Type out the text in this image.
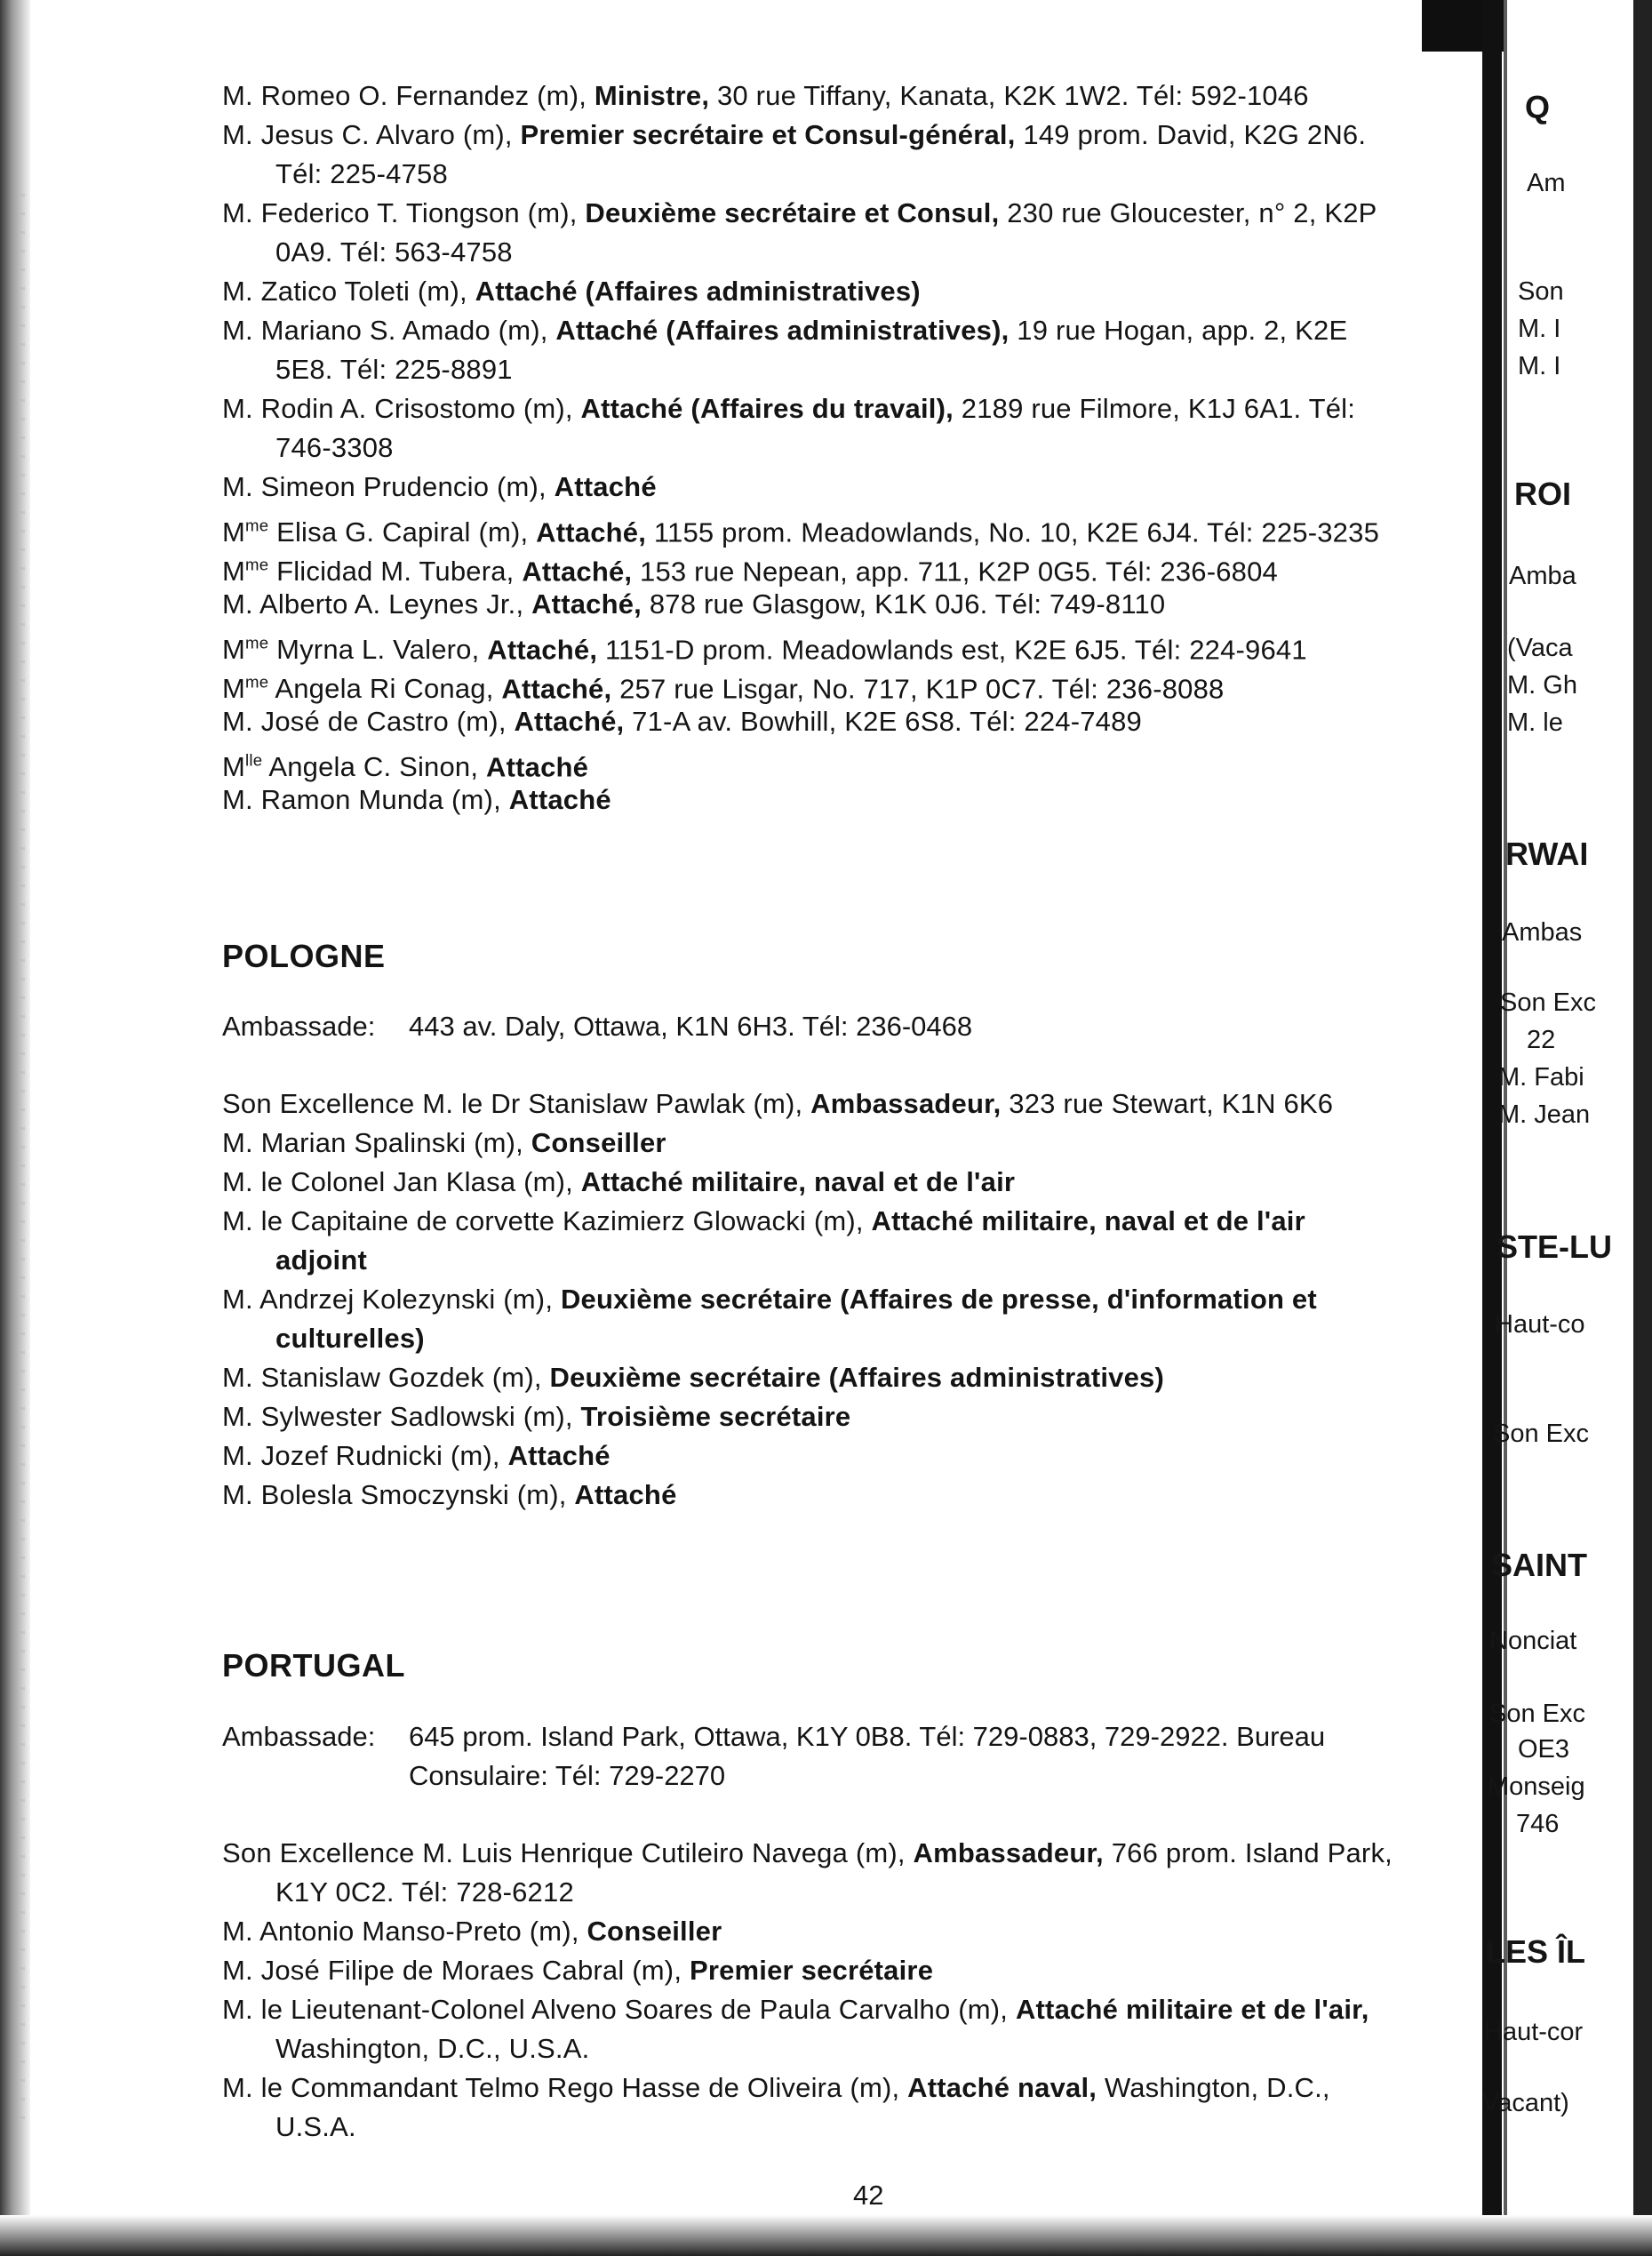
M. Romeo O. Fernandez (m), Ministre, 30 rue Tiffany, Kanata, K2K 1W2. Tél: 592-1046
M. Jesus C. Alvaro (m), Premier secrétaire et Consul-général, 149 prom. David, K2G 2N6.
Tél: 225-4758
M. Federico T. Tiongson (m), Deuxième secrétaire et Consul, 230 rue Gloucester, n° 2, K2P
0A9. Tél: 563-4758
M. Zatico Toleti (m), Attaché (Affaires administratives)
M. Mariano S. Amado (m), Attaché (Affaires administratives), 19 rue Hogan, app. 2, K2E
5E8. Tél: 225-8891
M. Rodin A. Crisostomo (m), Attaché (Affaires du travail), 2189 rue Filmore, K1J 6A1. Tél:
746-3308
M. Simeon Prudencio (m), Attaché
$M^{me}$ Elisa G. Capiral (m), Attaché, 1155 prom. Meadowlands, No. 10, K2E 6J4. Tél: 225-3235
$M^{me}$ Flicidad M. Tubera, Attaché, 153 rue Nepean, app. 711, K2P 0G5. Tél: 236-6804
M. Alberto A. Leynes Jr., Attaché, 878 rue Glasgow, K1K 0J6. Tél: 749-8110
$M^{me}$ Myrna L. Valero, Attaché, 1151-D prom. Meadowlands est, K2E 6J5. Tél: 224-9641
$M^{me}$ Angela Ri Conag, Attaché, 257 rue Lisgar, No. 717, K1P 0C7. Tél: 236-8088
M. José de Castro (m), Attaché, 71-A av. Bowhill, K2E 6S8. Tél: 224-7489
$M^{lle}$ Angela C. Sinon, Attaché
M. Ramon Munda (m), Attaché
POLOGNE
Ambassade: 443 av. Daly, Ottawa, K1N 6H3. Tél: 236-0468
Son Excellence M. le Dr Stanislaw Pawlak (m), Ambassadeur, 323 rue Stewart, K1N 6K6
M. Marian Spalinski (m), Conseiller
M. le Colonel Jan Klasa (m), Attaché militaire, naval et de l'air
M. le Capitaine de corvette Kazimierz Glowacki (m), Attaché militaire, naval et de l'air
adjoint
M. Andrzej Kolezynski (m), Deuxième secrétaire (Affaires de presse, d'information et
culturelles)
M. Stanislaw Gozdek (m), Deuxième secrétaire (Affaires administratives)
M. Sylwester Sadlowski (m), Troisième secrétaire
M. Jozef Rudnicki (m), Attaché
M. Bolesla Smoczynski (m), Attaché
PORTUGAL
Ambassade: 645 prom. Island Park, Ottawa, K1Y 0B8. Tél: 729-0883, 729-2922. Bureau
Consulaire: Tél: 729-2270
Son Excellence M. Luis Henrique Cutileiro Navega (m), Ambassadeur, 766 prom. Island Park,
K1Y 0C2. Tél: 728-6212
M. Antonio Manso-Preto (m), Conseiller
M. José Filipe de Moraes Cabral (m), Premier secrétaire
M. le Lieutenant-Colonel Alveno Soares de Paula Carvalho (m), Attaché militaire et de l'air,
Washington, D.C., U.S.A.
M. le Commandant Telmo Rego Hasse de Oliveira (m), Attaché naval, Washington, D.C.,
U.S.A.
42
Q
Am
Son
M. I
M. I
ROI
Amba
(Vaca
M. Gh
M. le
RWAI
Ambas
Son Exc
22
M. Fabi
M. Jean
STE-LU
Haut-co
Son Exc
SAINT
Nonciat
Son Exc
OE3
Monseig
746
LES ÎL
Haut-cor
Vacant)
